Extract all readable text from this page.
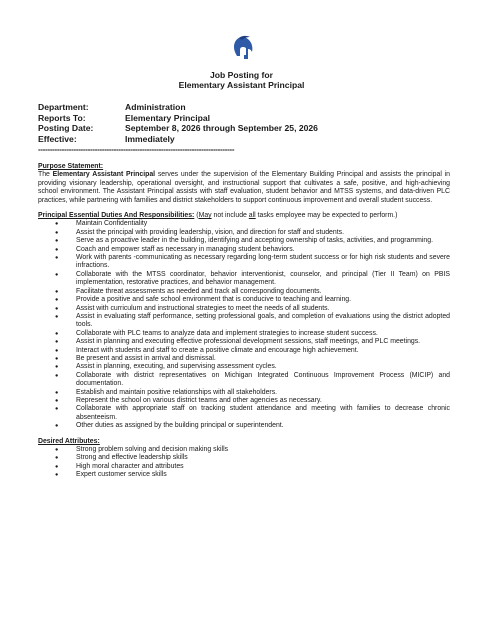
Job Posting for
Elementary Assistant Principal
Department:	Administration
Reports To:	Elementary Principal
Posting Date:	September 8, 2026 through September 25, 2026
Effective:	Immediately
-----------------------------------------------------------------------------------
Purpose Statement:

The Elementary Assistant Principal serves under the supervision of the Elementary Building Principal and assists the principal in providing visionary leadership, operational oversight, and instructional support that cultivates a safe, positive, and high-achieving school environment. The Assistant Principal assists with staff evaluation, student behavior and MTSS systems, and data-driven PLC practices, while partnering with families and district stakeholders to support continuous improvement and overall student success.

Principal Essential Duties And Responsibilities: (May not include all tasks employee may be expected to perform.)
● Maintain Confidentiality
● Assist the principal with providing leadership, vision, and direction for staff and students.
● Serve as a proactive leader in the building, identifying and accepting ownership of tasks, activities, and programming.
● Coach and empower staff as necessary in managing student behaviors.
● Work with parents -communicating as necessary regarding long-term student success or for high risk students and severe infractions.
● Collaborate with the MTSS coordinator, behavior interventionist, counselor, and principal (Tier II Team) on PBIS implementation, restorative practices, and behavior management.
● Facilitate threat assessments as needed and track all corresponding documents.
● Provide a positive and safe school environment that is conducive to teaching and learning.
● Assist with curriculum and instructional strategies to meet the needs of all students.
● Assist in evaluating staff performance, setting professional goals, and completion of evaluations using the district adopted tools.
● Collaborate with PLC teams to analyze data and implement strategies to increase student success.
● Assist in planning and executing effective professional development sessions, staff meetings, and PLC meetings.
● Interact with students and staff to create a positive climate and encourage high achievement.
● Be present and assist in arrival and dismissal.
● Assist in planning, executing, and supervising assessment cycles.
● Collaborate with district representatives on Michigan Integrated Continuous Improvement Process (MICIP) and documentation.
● Establish and maintain positive relationships with all stakeholders.
● Represent the school on various district teams and other agencies as necessary.
● Collaborate with appropriate staff on tracking student attendance and meeting with families to decrease chronic absenteeism.
● Other duties as assigned by the building principal or superintendent.
Desired Attributes:
● Strong problem solving and decision making skills
● Strong and effective leadership skills
● High moral character and attributes
● Expert customer service skills
